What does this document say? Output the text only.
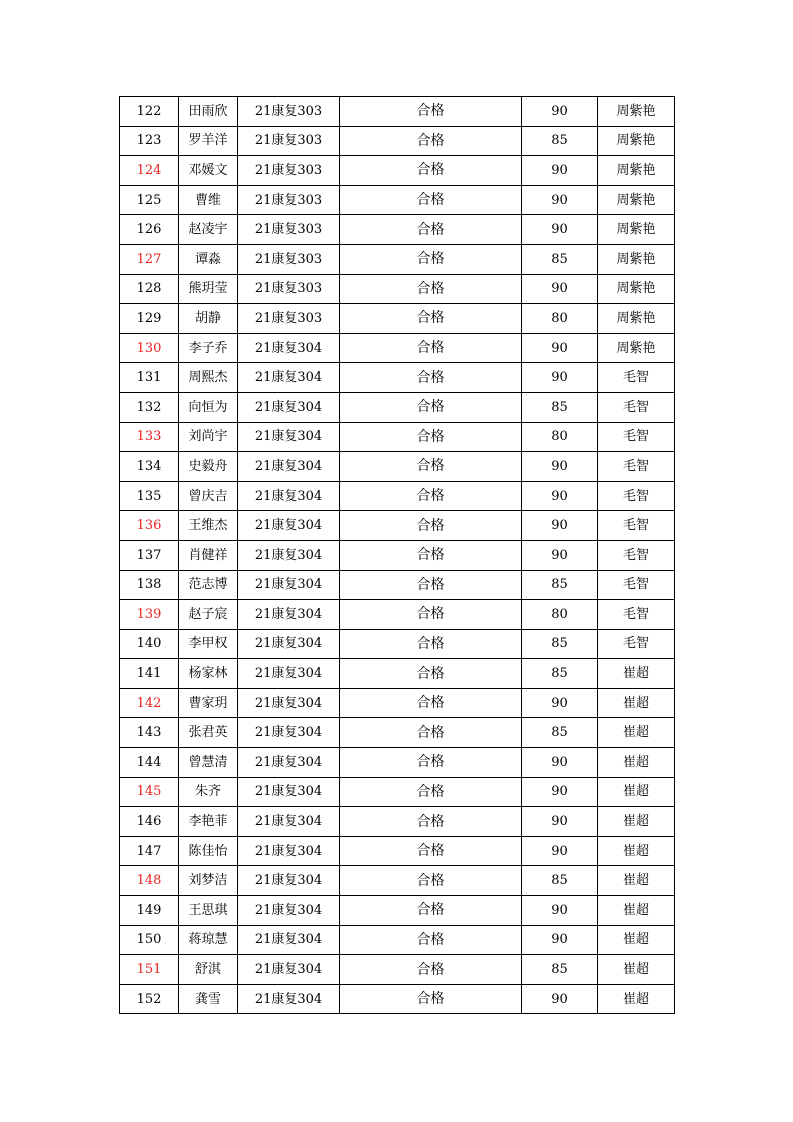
122	田雨欣	21康复303	合格	90	周紫艳
123	罗羊洋	21康复303	合格	85	周紫艳
124	邓媛文	21康复303	合格	90	周紫艳
125	曹维	21康复303	合格	90	周紫艳
126	赵凌宇	21康复303	合格	90	周紫艳
127	谭淼	21康复303	合格	85	周紫艳
128	熊玥莹	21康复303	合格	90	周紫艳
129	胡静	21康复303	合格	80	周紫艳
130	李子乔	21康复304	合格	90	周紫艳
131	周熙杰	21康复304	合格	90	毛智
132	向恒为	21康复304	合格	85	毛智
133	刘尚宇	21康复304	合格	80	毛智
134	史毅舟	21康复304	合格	90	毛智
135	曾庆吉	21康复304	合格	90	毛智
136	王维杰	21康复304	合格	90	毛智
137	肖健祥	21康复304	合格	90	毛智
138	范志博	21康复304	合格	85	毛智
139	赵子宸	21康复304	合格	80	毛智
140	李甲权	21康复304	合格	85	毛智
141	杨家林	21康复304	合格	85	崔超
142	曹家玥	21康复304	合格	90	崔超
143	张君英	21康复304	合格	85	崔超
144	曾慧清	21康复304	合格	90	崔超
145	朱齐	21康复304	合格	90	崔超
146	李艳菲	21康复304	合格	90	崔超
147	陈佳怡	21康复304	合格	90	崔超
148	刘梦洁	21康复304	合格	85	崔超
149	王思琪	21康复304	合格	90	崔超
150	蒋琼慧	21康复304	合格	90	崔超
151	舒淇	21康复304	合格	85	崔超
152	龚雪	21康复304	合格	90	崔超
